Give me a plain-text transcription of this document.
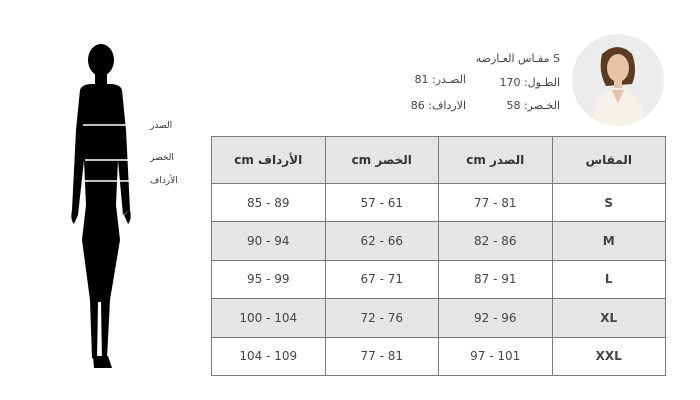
الصدر
الخصر
الأرداف
S مقـاس العـارضه
الطـول: 170
الصـدر: 81
الخـصر: 58
الارداف: 86
المقاس	الصدر cm	الخصر cm	الأرداف cm
S	77 - 81	57 - 61	85 - 89
M	82 - 86	62 - 66	90 - 94
L	87 - 91	67 - 71	95 - 99
XL	92 - 96	72 - 76	100 - 104
XXL	97 - 101	77 - 81	104 - 109
